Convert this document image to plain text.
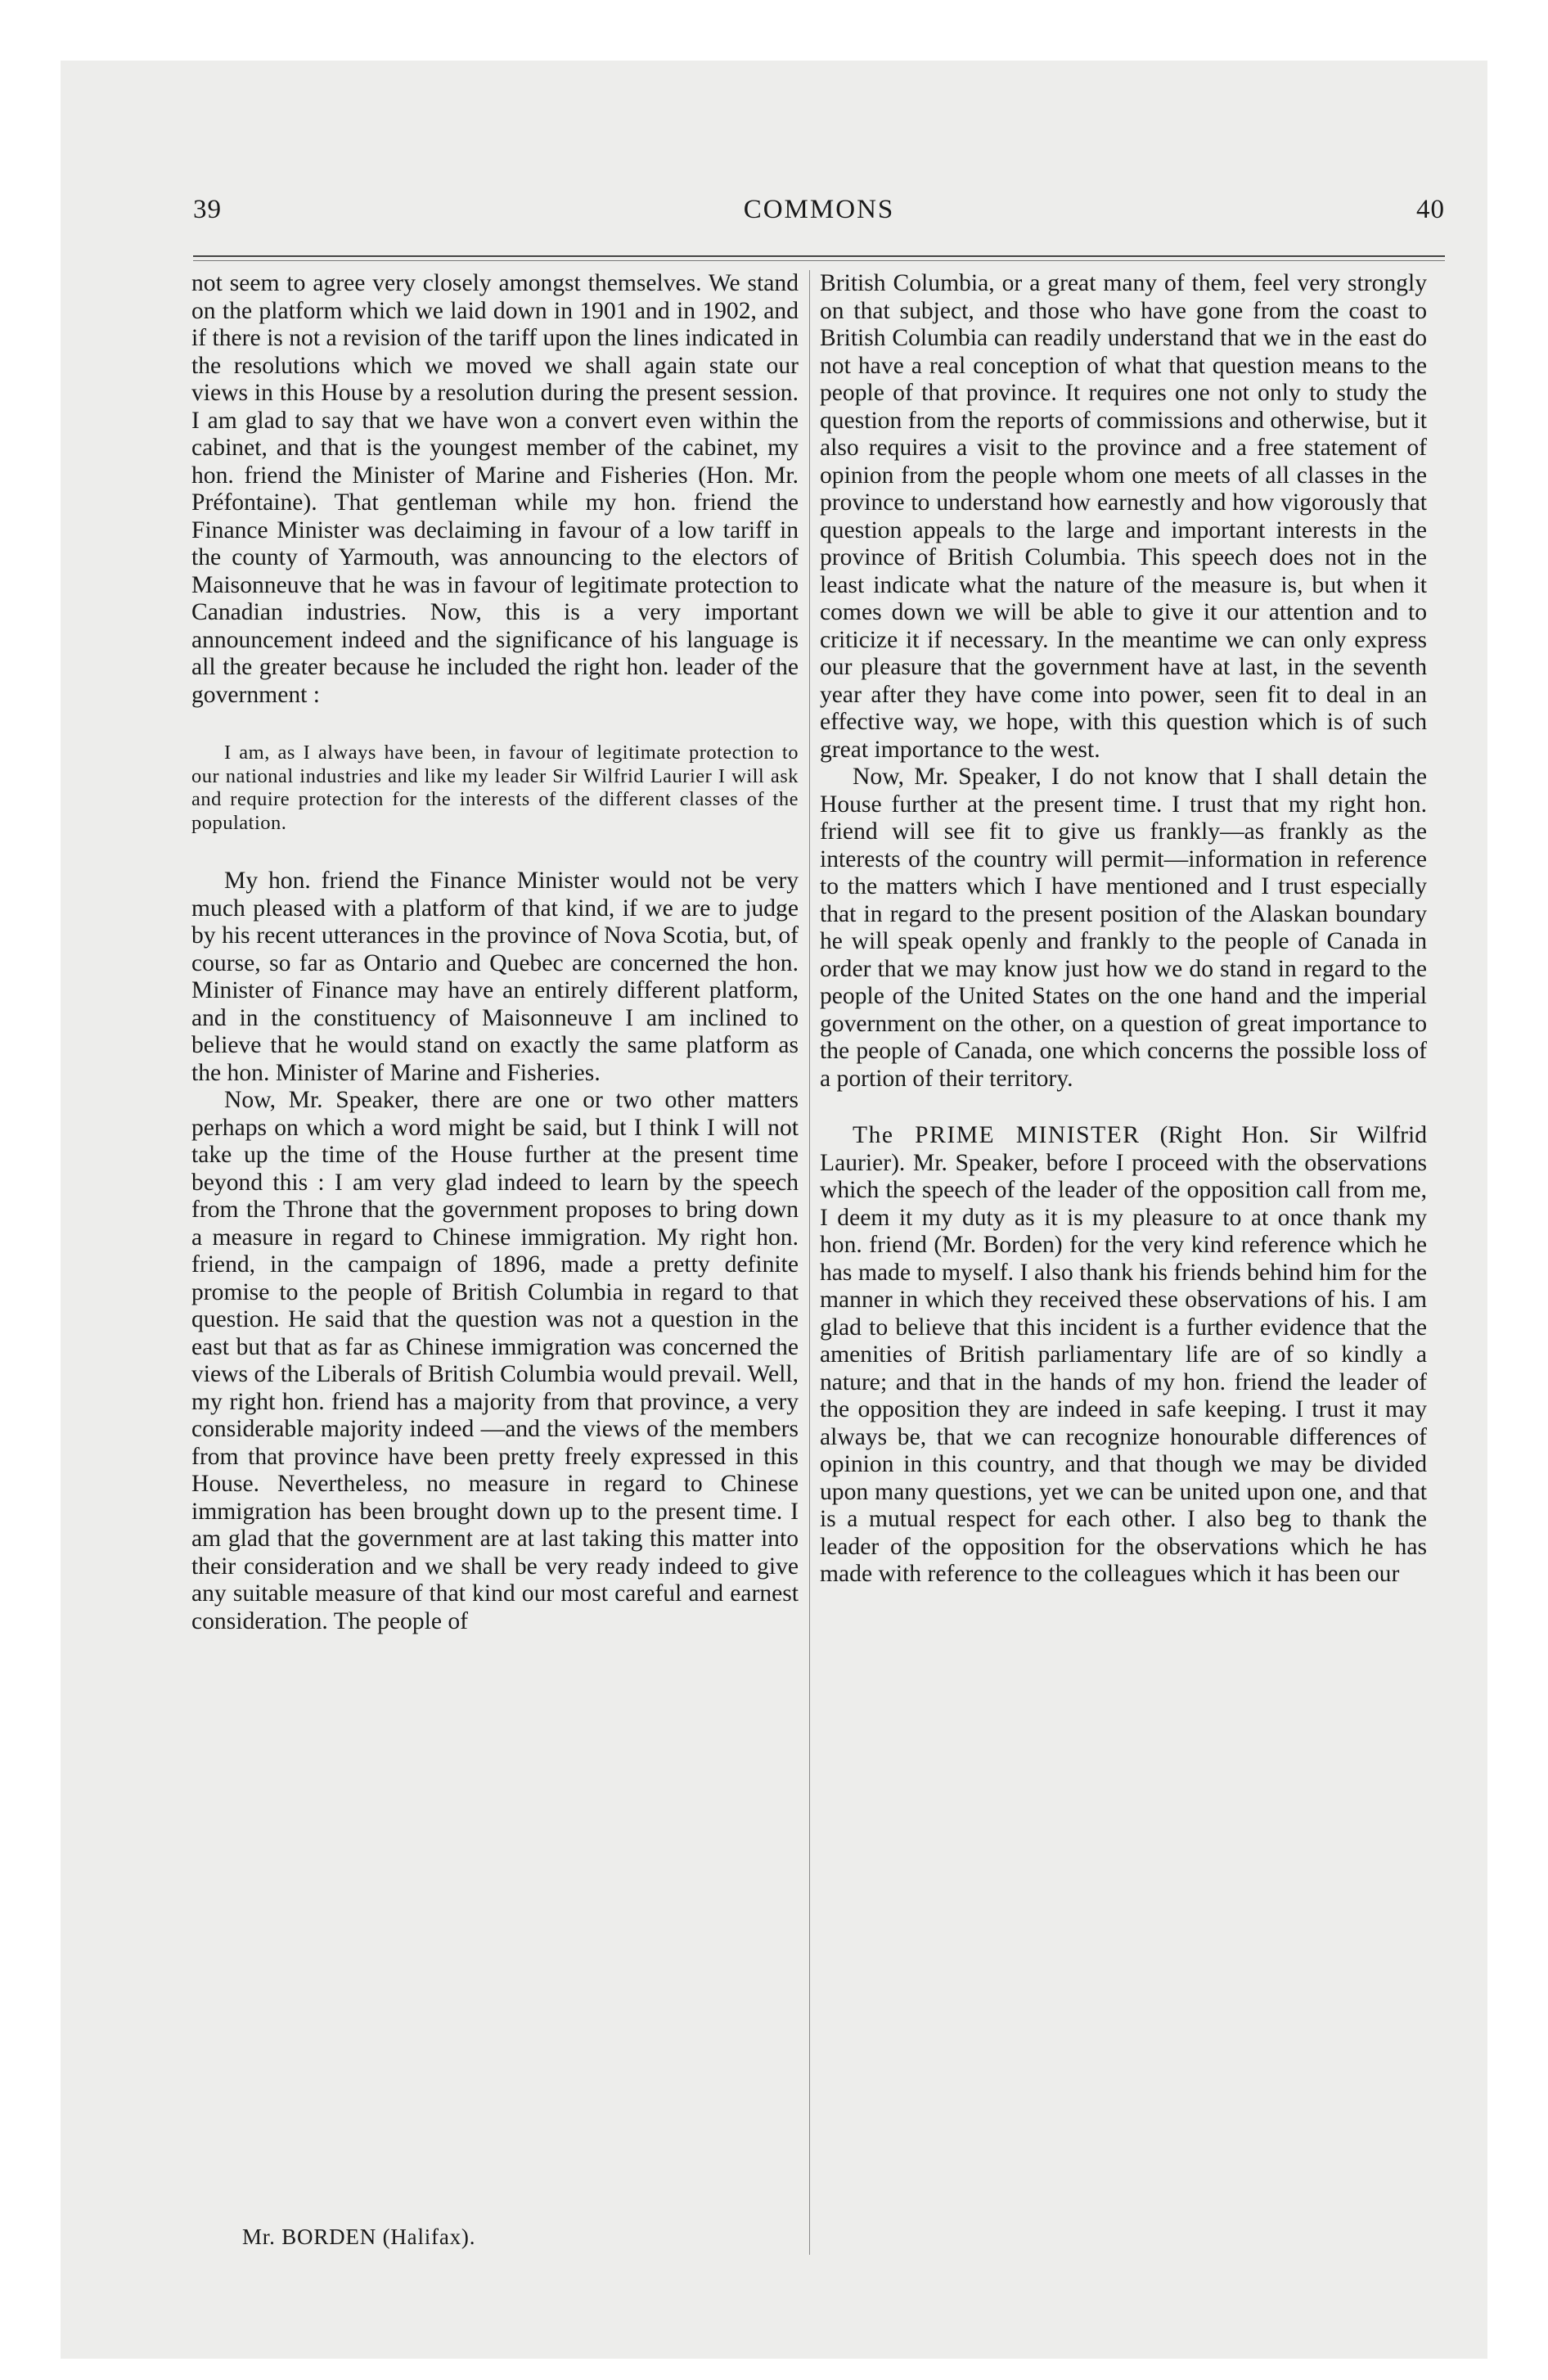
39	COMMONS	40

not seem to agree very closely amongst themselves. We stand on the platform which we laid down in 1901 and in 1902, and if there is not a revision of the tariff upon the lines indicated in the resolutions which we moved we shall again state our views in this House by a resolution during the present session. I am glad to say that we have won a convert even within the cabinet, and that is the youngest member of the cabinet, my hon. friend the Minister of Marine and Fisheries (Hon. Mr. Préfontaine). That gentleman while my hon. friend the Finance Minister was declaiming in favour of a low tariff in the county of Yarmouth, was announcing to the electors of Maisonneuve that he was in favour of legitimate protection to Canadian industries. Now, this is a very important announcement indeed and the significance of his language is all the greater because he included the right hon. leader of the government :

I am, as I always have been, in favour of legitimate protection to our national industries and like my leader Sir Wilfrid Laurier I will ask and require protection for the interests of the different classes of the population.

My hon. friend the Finance Minister would not be very much pleased with a platform of that kind, if we are to judge by his recent utterances in the province of Nova Scotia, but, of course, so far as Ontario and Quebec are concerned the hon. Minister of Finance may have an entirely different platform, and in the constituency of Maisonneuve I am inclined to believe that he would stand on exactly the same platform as the hon. Minister of Marine and Fisheries.

Now, Mr. Speaker, there are one or two other matters perhaps on which a word might be said, but I think I will not take up the time of the House further at the present time beyond this : I am very glad indeed to learn by the speech from the Throne that the government proposes to bring down a measure in regard to Chinese immigration. My right hon. friend, in the campaign of 1896, made a pretty definite promise to the people of British Columbia in regard to that question. He said that the question was not a question in the east but that as far as Chinese immigration was concerned the views of the Liberals of British Columbia would prevail. Well, my right hon. friend has a majority from that province, a very considerable majority indeed —and the views of the members from that province have been pretty freely expressed in this House. Nevertheless, no measure in regard to Chinese immigration has been brought down up to the present time. I am glad that the government are at last taking this matter into their consideration and we shall be very ready indeed to give any suitable measure of that kind our most careful and earnest consideration. The people of

British Columbia, or a great many of them, feel very strongly on that subject, and those who have gone from the coast to British Columbia can readily understand that we in the east do not have a real conception of what that question means to the people of that province. It requires one not only to study the question from the reports of commissions and otherwise, but it also requires a visit to the province and a free statement of opinion from the people whom one meets of all classes in the province to understand how earnestly and how vigorously that question appeals to the large and important interests in the province of British Columbia. This speech does not in the least indicate what the nature of the measure is, but when it comes down we will be able to give it our attention and to criticize it if necessary. In the meantime we can only express our pleasure that the government have at last, in the seventh year after they have come into power, seen fit to deal in an effective way, we hope, with this question which is of such great importance to the west.

Now, Mr. Speaker, I do not know that I shall detain the House further at the present time. I trust that my right hon. friend will see fit to give us frankly—as frankly as the interests of the country will permit—information in reference to the matters which I have mentioned and I trust especially that in regard to the present position of the Alaskan boundary he will speak openly and frankly to the people of Canada in order that we may know just how we do stand in regard to the people of the United States on the one hand and the imperial government on the other, on a question of great importance to the people of Canada, one which concerns the possible loss of a portion of their territory.

The PRIME MINISTER (Right Hon. Sir Wilfrid Laurier). Mr. Speaker, before I proceed with the observations which the speech of the leader of the opposition call from me, I deem it my duty as it is my pleasure to at once thank my hon. friend (Mr. Borden) for the very kind reference which he has made to myself. I also thank his friends behind him for the manner in which they received these observations of his. I am glad to believe that this incident is a further evidence that the amenities of British parliamentary life are of so kindly a nature; and that in the hands of my hon. friend the leader of the opposition they are indeed in safe keeping. I trust it may always be, that we can recognize honourable differences of opinion in this country, and that though we may be divided upon many questions, yet we can be united upon one, and that is a mutual respect for each other. I also beg to thank the leader of the opposition for the observations which he has made with reference to the colleagues which it has been our

Mr. BORDEN (Halifax).
